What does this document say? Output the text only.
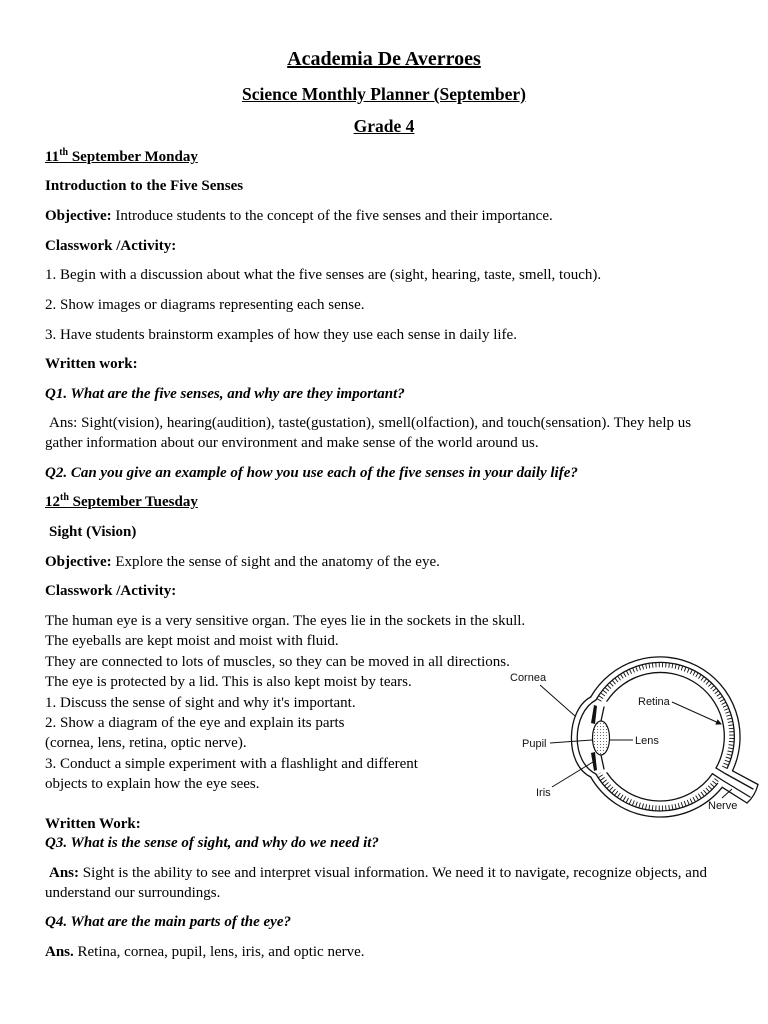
Academia De Averroes
Science Monthly Planner (September)
Grade 4
11th September Monday
Introduction to the Five Senses
Objective: Introduce students to the concept of the five senses and their importance.
Classwork /Activity:
1. Begin with a discussion about what the five senses are (sight, hearing, taste, smell, touch).
2. Show images or diagrams representing each sense.
3. Have students brainstorm examples of how they use each sense in daily life.
Written work:
Q1. What are the five senses, and why are they important?
Ans: Sight(vision), hearing(audition), taste(gustation), smell(olfaction), and touch(sensation). They help us gather information about our environment and make sense of the world around us.
Q2. Can you give an example of how you use each of the five senses in your daily life?
12th September Tuesday
Sight (Vision)
Objective: Explore the sense of sight and the anatomy of the eye.
Classwork /Activity:
The human eye is a very sensitive organ. The eyes lie in the sockets in the skull.
The eyeballs are kept moist and moist with fluid.
They are connected to lots of muscles, so they can be moved in all directions.
The eye is protected by a lid. This is also kept moist by tears.
1. Discuss the sense of sight and why it's important.
2. Show a diagram of the eye and explain its parts
(cornea, lens, retina, optic nerve).
3. Conduct a simple experiment with a flashlight and different
objects to explain how the eye sees.
Cornea
Retina
Pupil	Lens
Iris
Nerve
Written Work:
Q3. What is the sense of sight, and why do we need it?
Ans: Sight is the ability to see and interpret visual information. We need it to navigate, recognize objects, and understand our surroundings.
Q4. What are the main parts of the eye?
Ans. Retina, cornea, pupil, lens, iris, and optic nerve.
